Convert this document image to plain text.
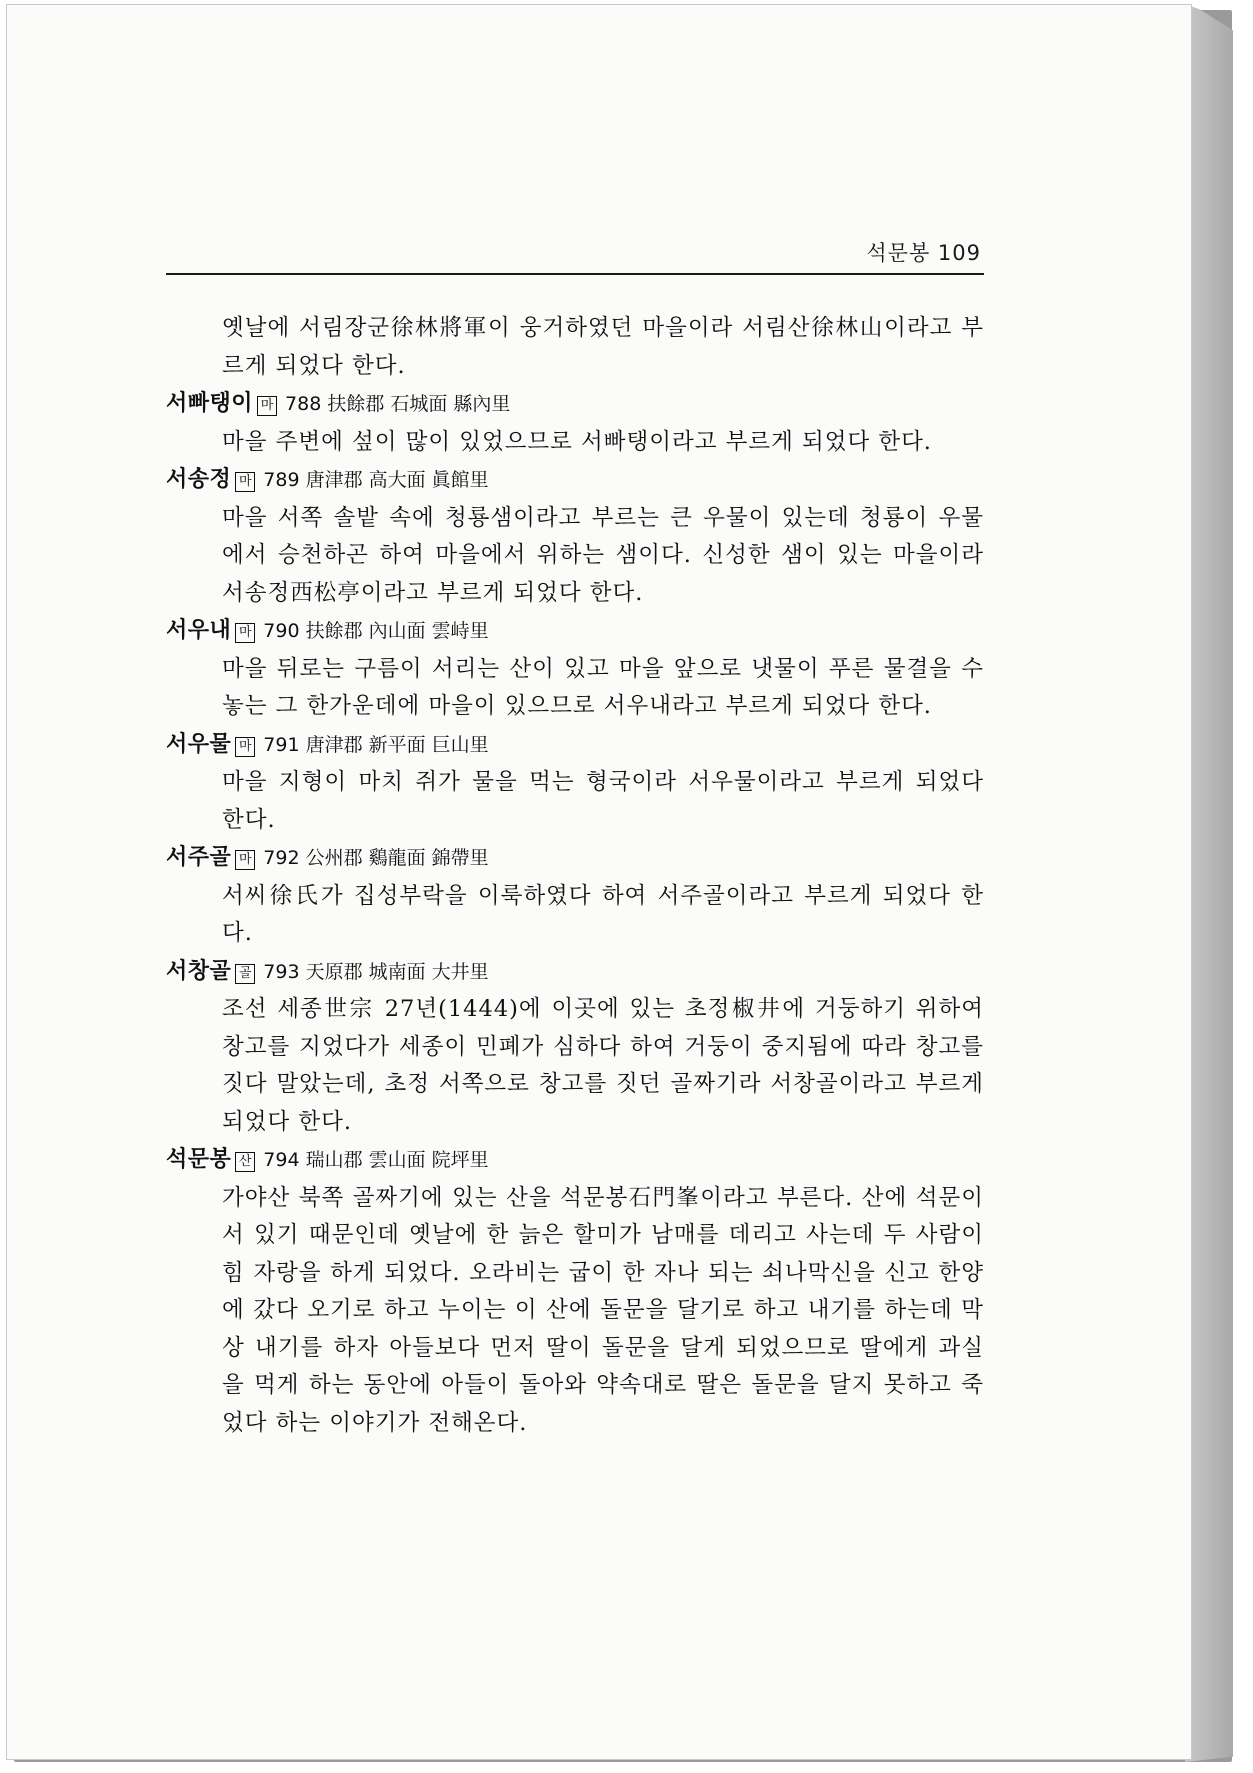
석문봉 109

옛날에 서림장군徐林將軍이 웅거하였던 마을이라 서림산徐林山이라고 부르게 되었다 한다.

서빠탱이 마 788 扶餘郡 石城面 縣內里

마을 주변에 섶이 많이 있었으므로 서빠탱이라고 부르게 되었다 한다.

서송정 마 789 唐津郡 高大面 眞館里

마을 서쪽 솔밭 속에 청룡샘이라고 부르는 큰 우물이 있는데 청룡이 우물에서 승천하곤 하여 마을에서 위하는 샘이다. 신성한 샘이 있는 마을이라 서송정西松亭이라고 부르게 되었다 한다.

서우내 마 790 扶餘郡 內山面 雲峙里

마을 뒤로는 구름이 서리는 산이 있고 마을 앞으로 냇물이 푸른 물결을 수놓는 그 한가운데에 마을이 있으므로 서우내라고 부르게 되었다 한다.

서우물 마 791 唐津郡 新平面 巨山里

마을 지형이 마치 쥐가 물을 먹는 형국이라 서우물이라고 부르게 되었다 한다.

서주골 마 792 公州郡 鷄龍面 錦帶里

서씨徐氏가 집성부락을 이룩하였다 하여 서주골이라고 부르게 되었다 한다.

서창골 골 793 天原郡 城南面 大井里

조선 세종世宗 27년(1444)에 이곳에 있는 초정椒井에 거둥하기 위하여 창고를 지었다가 세종이 민폐가 심하다 하여 거둥이 중지됨에 따라 창고를 짓다 말았는데, 초정 서쪽으로 창고를 짓던 골짜기라 서창골이라고 부르게 되었다 한다.

석문봉 산 794 瑞山郡 雲山面 院坪里

가야산 북쪽 골짜기에 있는 산을 석문봉石門峯이라고 부른다. 산에 석문이 서 있기 때문인데 옛날에 한 늙은 할미가 남매를 데리고 사는데 두 사람이 힘 자랑을 하게 되었다. 오라비는 굽이 한 자나 되는 쇠나막신을 신고 한양에 갔다 오기로 하고 누이는 이 산에 돌문을 달기로 하고 내기를 하는데 막상 내기를 하자 아들보다 먼저 딸이 돌문을 달게 되었으므로 딸에게 과실을 먹게 하는 동안에 아들이 돌아와 약속대로 딸은 돌문을 달지 못하고 죽었다 하는 이야기가 전해온다.
